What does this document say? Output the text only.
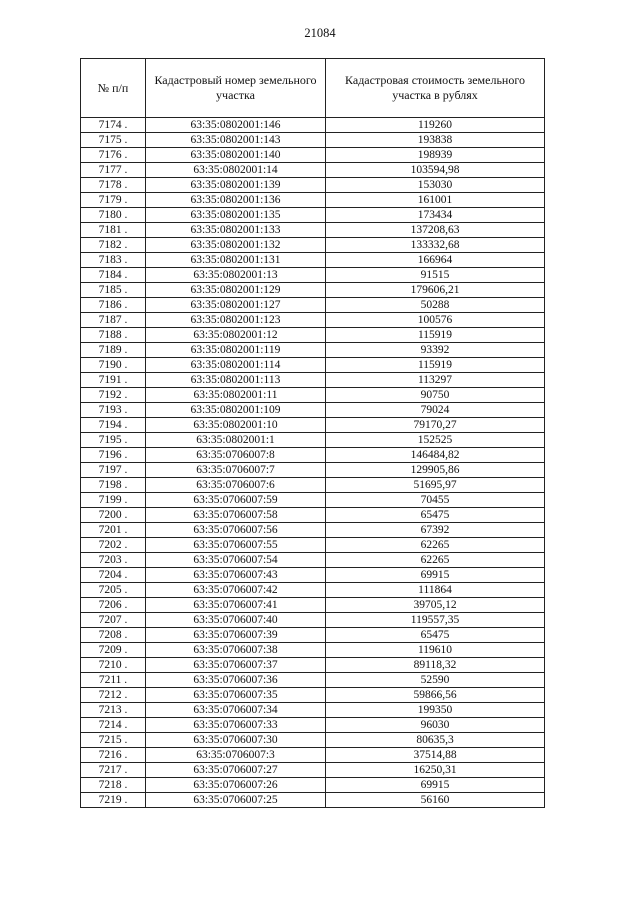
21084
№ п/п	Кадастровый номер земельного участка	Кадастровая стоимость земельного участка в рублях
7174 .	63:35:0802001:146	119260
7175 .	63:35:0802001:143	193838
7176 .	63:35:0802001:140	198939
7177 .	63:35:0802001:14	103594,98
7178 .	63:35:0802001:139	153030
7179 .	63:35:0802001:136	161001
7180 .	63:35:0802001:135	173434
7181 .	63:35:0802001:133	137208,63
7182 .	63:35:0802001:132	133332,68
7183 .	63:35:0802001:131	166964
7184 .	63:35:0802001:13	91515
7185 .	63:35:0802001:129	179606,21
7186 .	63:35:0802001:127	50288
7187 .	63:35:0802001:123	100576
7188 .	63:35:0802001:12	115919
7189 .	63:35:0802001:119	93392
7190 .	63:35:0802001:114	115919
7191 .	63:35:0802001:113	113297
7192 .	63:35:0802001:11	90750
7193 .	63:35:0802001:109	79024
7194 .	63:35:0802001:10	79170,27
7195 .	63:35:0802001:1	152525
7196 .	63:35:0706007:8	146484,82
7197 .	63:35:0706007:7	129905,86
7198 .	63:35:0706007:6	51695,97
7199 .	63:35:0706007:59	70455
7200 .	63:35:0706007:58	65475
7201 .	63:35:0706007:56	67392
7202 .	63:35:0706007:55	62265
7203 .	63:35:0706007:54	62265
7204 .	63:35:0706007:43	69915
7205 .	63:35:0706007:42	111864
7206 .	63:35:0706007:41	39705,12
7207 .	63:35:0706007:40	119557,35
7208 .	63:35:0706007:39	65475
7209 .	63:35:0706007:38	119610
7210 .	63:35:0706007:37	89118,32
7211 .	63:35:0706007:36	52590
7212 .	63:35:0706007:35	59866,56
7213 .	63:35:0706007:34	199350
7214 .	63:35:0706007:33	96030
7215 .	63:35:0706007:30	80635,3
7216 .	63:35:0706007:3	37514,88
7217 .	63:35:0706007:27	16250,31
7218 .	63:35:0706007:26	69915
7219 .	63:35:0706007:25	56160
